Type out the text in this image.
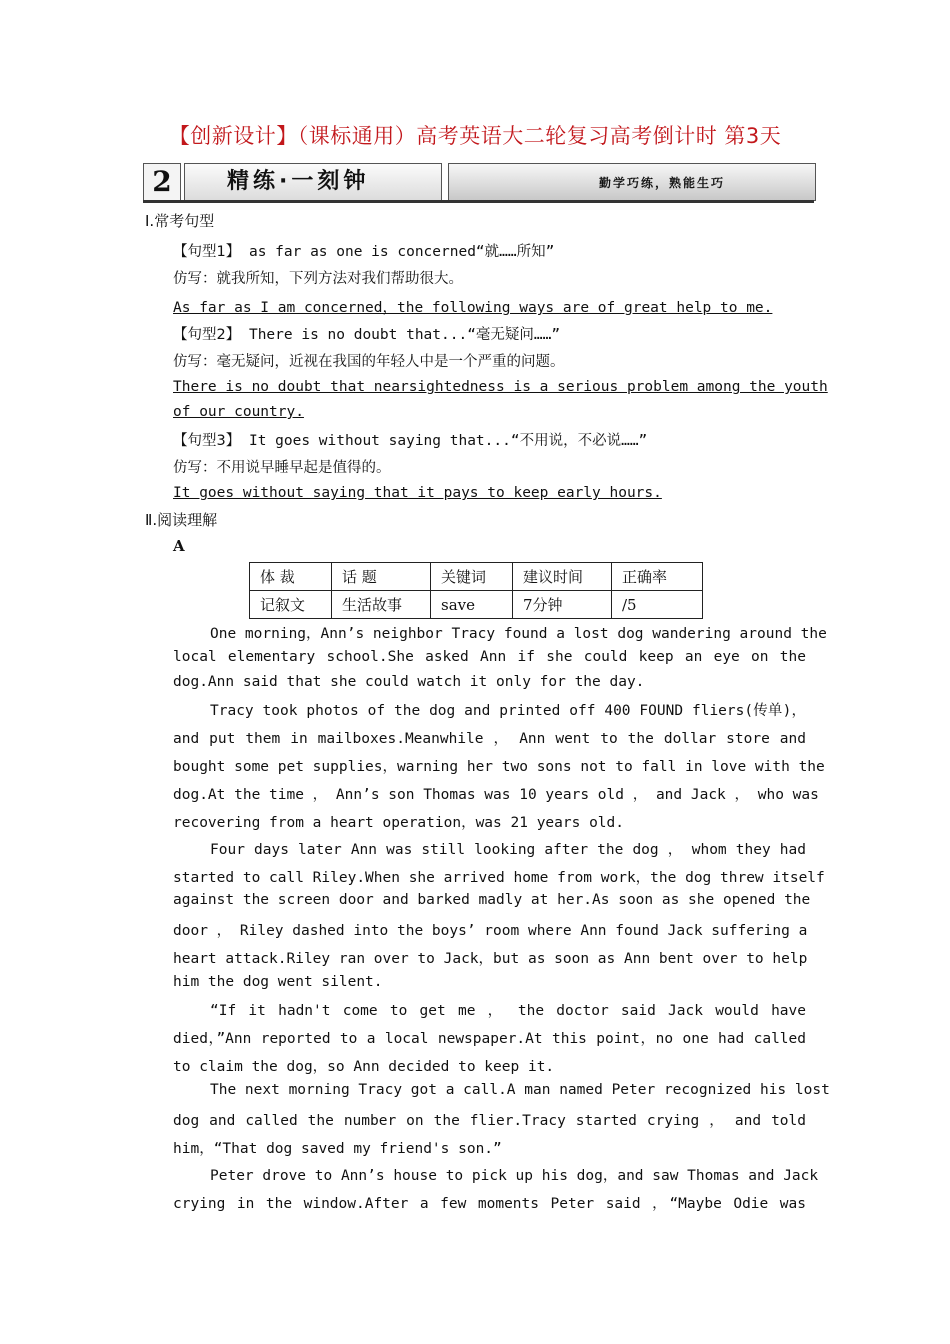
【创新设计】（课标通用）高考英语大二轮复习高考倒计时 第3天
2	精练·一刻钟	勤学巧练，熟能生巧
I.常考句型
【句型1】 as far as one is concerned“就……所知”
仿写：就我所知，下列方法对我们帮助很大。
As far as I am concerned，the following ways are of great help to me.
【句型2】 There is no doubt that...“毫无疑问……”
仿写：毫无疑问，近视在我国的年轻人中是一个严重的问题。
There is no doubt that nearsightedness is a serious problem among the youth
of our country.
【句型3】 It goes without saying that...“不用说，不必说……”
仿写：不用说早睡早起是值得的。
It goes without saying that it pays to keep early hours.
Ⅱ.阅读理解
A
体 裁	话 题	关键词	建议时间	正确率
记叙文	生活故事	save	7分钟	/5
One morning，Ann’s neighbor Tracy found a lost dog wandering around the
local elementary school.She asked Ann if she could keep an eye on the
dog.Ann said that she could watch it only for the day.
Tracy took photos of the dog and printed off 400 FOUND fliers(传单)，
and put them in mailboxes.Meanwhile ， Ann went to the dollar store and
bought some pet supplies，warning her two sons not to fall in love with the
dog.At the time ， Ann’s son Thomas was 10 years old ， and Jack ， who was
recovering from a heart operation，was 21 years old.
Four days later Ann was still looking after the dog ， whom they had
started to call Riley.When she arrived home from work，the dog threw itself
against the screen door and barked madly at her.As soon as she opened the
door ， Riley dashed into the boys’ room where Ann found Jack suffering a
heart attack.Riley ran over to Jack，but as soon as Ann bent over to help
him the dog went silent.
“If it hadn't come to get me ， the doctor said Jack would have
died，”Ann reported to a local newspaper.At this point，no one had called
to claim the dog，so Ann decided to keep it.
The next morning Tracy got a call.A man named Peter recognized his lost
dog and called the number on the flier.Tracy started crying ， and told
him，“That dog saved my friend's son.”
Peter drove to Ann’s house to pick up his dog，and saw Thomas and Jack
crying in the window.After a few moments Peter said ，“Maybe Odie was
